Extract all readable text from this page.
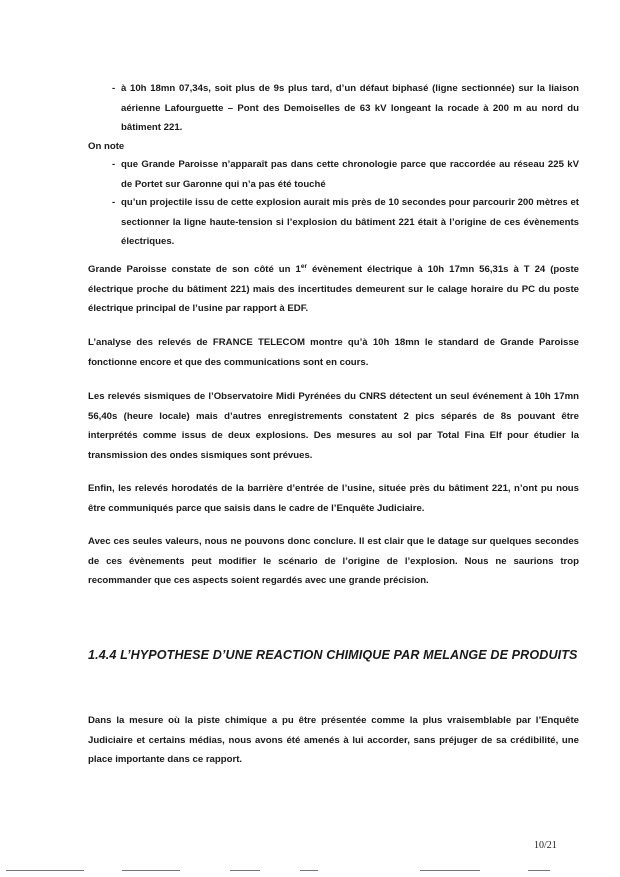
- à 10h 18mn 07,34s, soit plus de 9s plus tard, d’un défaut biphasé (ligne sectionnée) sur la liaison aérienne Lafourguette – Pont des Demoiselles de 63 kV longeant la rocade à 200 m au nord du bâtiment 221.
On note
- que Grande Paroisse n’apparaît pas dans cette chronologie parce que raccordée au réseau 225 kV de Portet sur Garonne qui n’a pas été touché
- qu’un projectile issu de cette explosion aurait mis près de 10 secondes pour parcourir 200 mètres et sectionner la ligne haute-tension si l’explosion du bâtiment 221 était à l’origine de ces évènements électriques.
Grande Paroisse constate de son côté un 1er évènement électrique à 10h 17mn 56,31s à T 24 (poste électrique proche du bâtiment 221) mais des incertitudes demeurent sur le calage horaire du PC du poste électrique principal de l’usine par rapport à EDF.
L’analyse des relevés de FRANCE TELECOM montre qu’à 10h 18mn le standard de Grande Paroisse fonctionne encore et que des communications sont en cours.
Les relevés sismiques de l’Observatoire Midi Pyrénées du CNRS détectent un seul événement à 10h 17mn 56,40s (heure locale) mais d’autres enregistrements constatent 2 pics séparés de 8s pouvant être interprétés comme issus de deux explosions. Des mesures au sol par Total Fina Elf pour étudier la transmission des ondes sismiques sont prévues.
Enfin, les relevés horodatés de la barrière d’entrée de l’usine, située près du bâtiment 221, n’ont pu nous être communiqués parce que saisis dans le cadre de l’Enquête Judiciaire.
Avec ces seules valeurs, nous ne pouvons donc conclure. Il est clair que le datage sur quelques secondes de ces évènements peut modifier le scénario de l’origine de l’explosion. Nous ne saurions trop recommander que ces aspects soient regardés avec une grande précision.
1.4.4 L’HYPOTHESE D’UNE REACTION CHIMIQUE PAR MELANGE DE PRODUITS
Dans la mesure où la piste chimique a pu être présentée comme la plus vraisemblable par l’Enquête Judiciaire et certains médias, nous avons été amenés à lui accorder, sans préjuger de sa crédibilité, une place importante dans ce rapport.
10/21
